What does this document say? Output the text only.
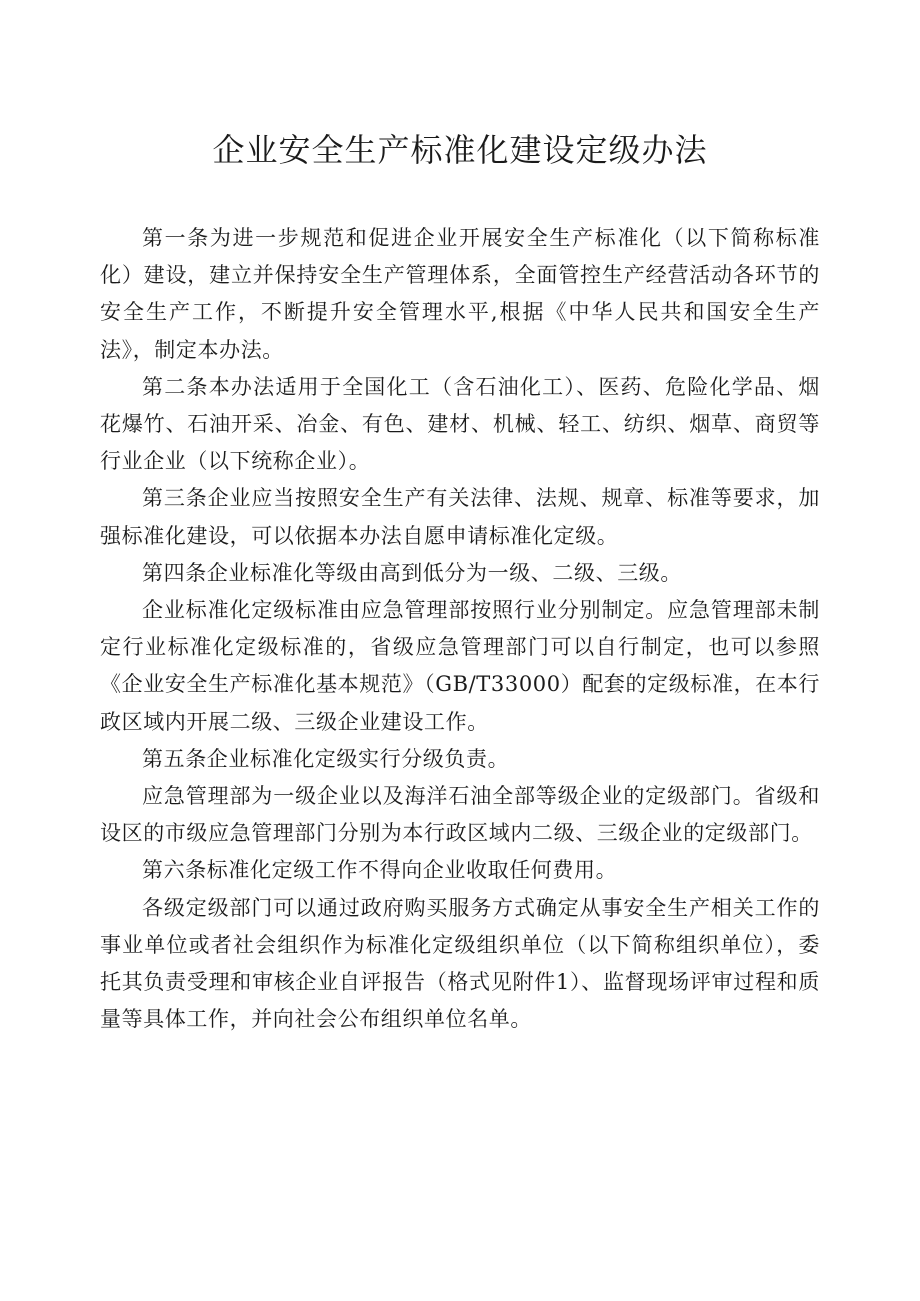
企业安全生产标准化建设定级办法

第一条为进一步规范和促进企业开展安全生产标准化（以下简称标准化）建设，建立并保持安全生产管理体系，全面管控生产经营活动各环节的安全生产工作，不断提升安全管理水平,根据《中华人民共和国安全生产法》，制定本办法。

第二条本办法适用于全国化工（含石油化工）、医药、危险化学品、烟花爆竹、石油开采、冶金、有色、建材、机械、轻工、纺织、烟草、商贸等行业企业（以下统称企业）。

第三条企业应当按照安全生产有关法律、法规、规章、标准等要求，加强标准化建设，可以依据本办法自愿申请标准化定级。

第四条企业标准化等级由高到低分为一级、二级、三级。

企业标准化定级标准由应急管理部按照行业分别制定。应急管理部未制定行业标准化定级标准的，省级应急管理部门可以自行制定，也可以参照《企业安全生产标准化基本规范》（GB/T33000）配套的定级标准，在本行政区域内开展二级、三级企业建设工作。

第五条企业标准化定级实行分级负责。

应急管理部为一级企业以及海洋石油全部等级企业的定级部门。省级和设区的市级应急管理部门分别为本行政区域内二级、三级企业的定级部门。

第六条标准化定级工作不得向企业收取任何费用。

各级定级部门可以通过政府购买服务方式确定从事安全生产相关工作的事业单位或者社会组织作为标准化定级组织单位（以下简称组织单位），委托其负责受理和审核企业自评报告（格式见附件1）、监督现场评审过程和质量等具体工作，并向社会公布组织单位名单。
